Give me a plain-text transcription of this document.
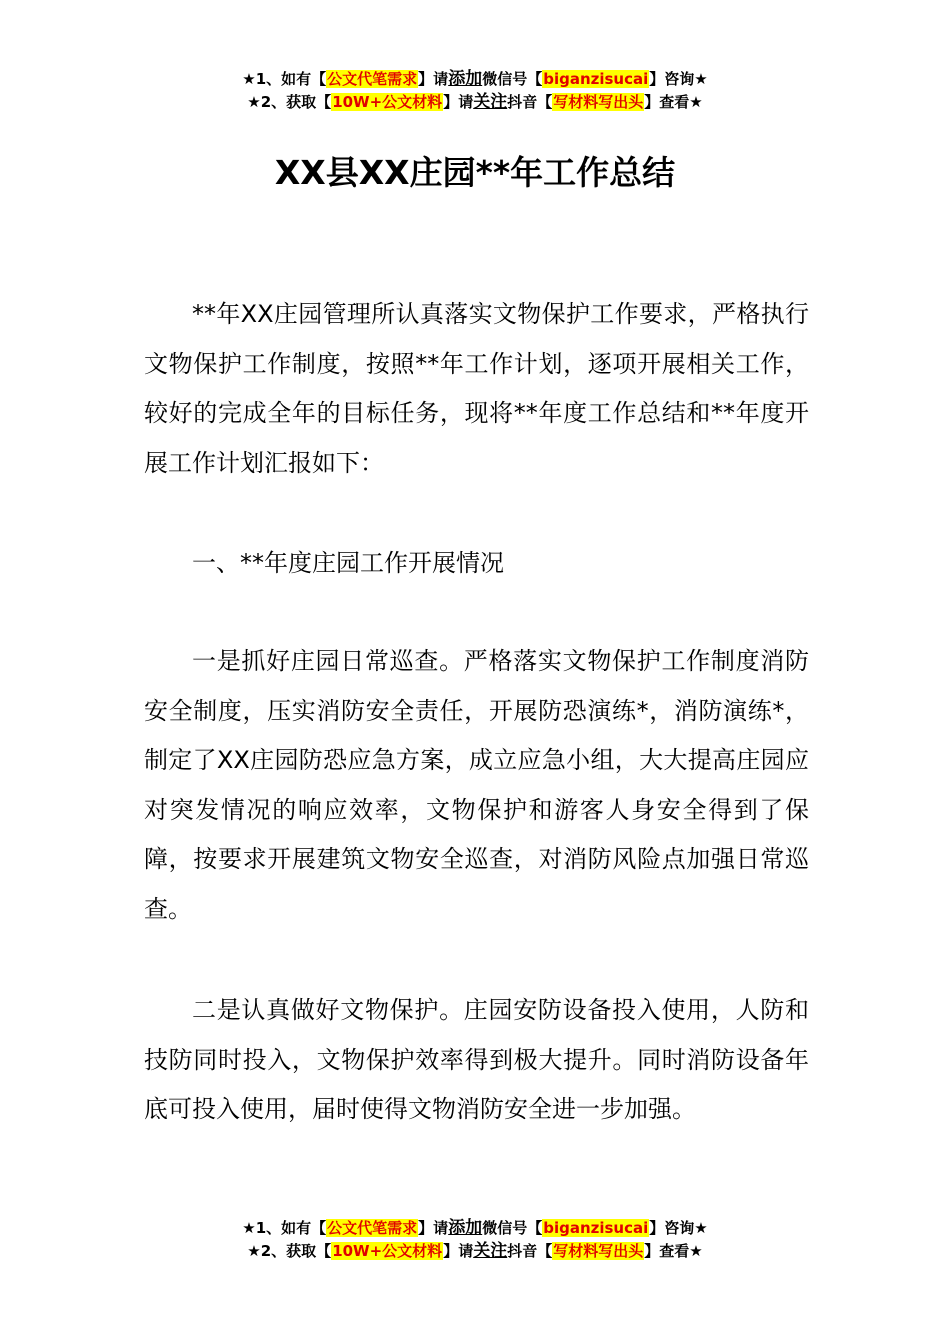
★1、如有【公文代笔需求】请添加微信号【biganzisucai】咨询★
★2、获取【10W+公文材料】请关注抖音【写材料写出头】查看★
XX县XX庄园**年工作总结

**年XX庄园管理所认真落实文物保护工作要求，严格执行文物保护工作制度，按照**年工作计划，逐项开展相关工作，较好的完成全年的目标任务，现将**年度工作总结和**年度开展工作计划汇报如下：

一、**年度庄园工作开展情况

一是抓好庄园日常巡查。严格落实文物保护工作制度消防安全制度，压实消防安全责任，开展防恐演练*，消防演练*，制定了XX庄园防恐应急方案，成立应急小组，大大提高庄园应对突发情况的响应效率，文物保护和游客人身安全得到了保障，按要求开展建筑文物安全巡查，对消防风险点加强日常巡查。

二是认真做好文物保护。庄园安防设备投入使用，人防和技防同时投入，文物保护效率得到极大提升。同时消防设备年底可投入使用，届时使得文物消防安全进一步加强。

★1、如有【公文代笔需求】请添加微信号【biganzisucai】咨询★
★2、获取【10W+公文材料】请关注抖音【写材料写出头】查看★
